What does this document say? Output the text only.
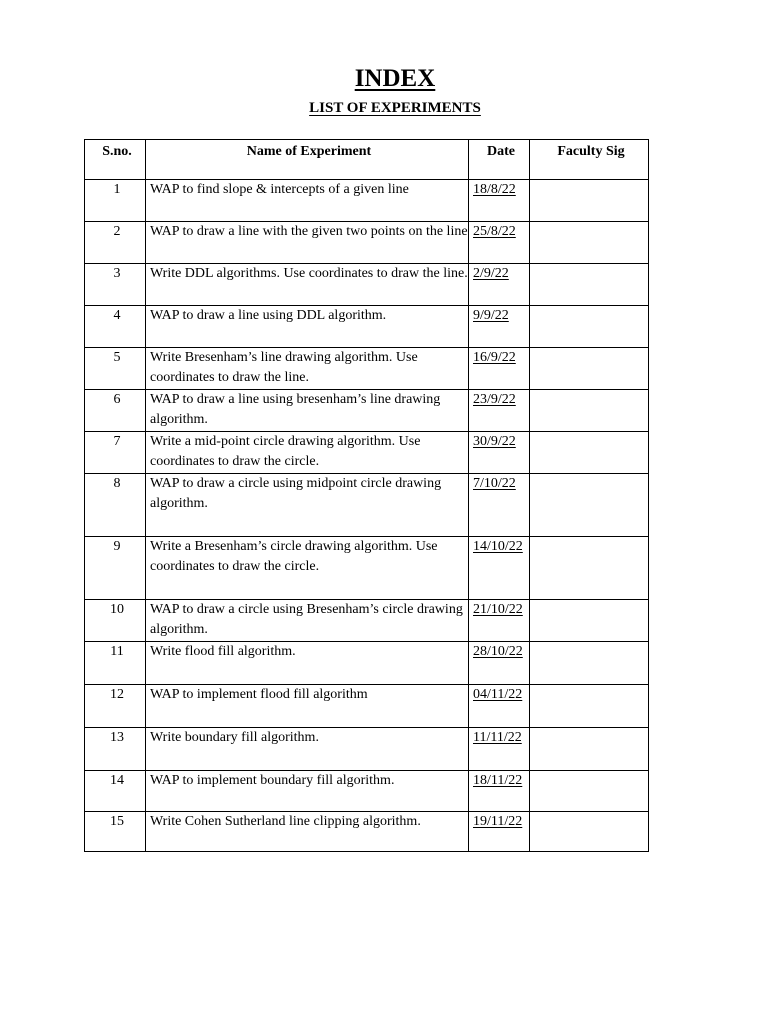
INDEX
LIST OF EXPERIMENTS
S.no.	Name of Experiment	Date	Faculty Sig
1	WAP to find slope & intercepts of a given line	18/8/22	
2	WAP to draw a line with the given two points on the line	25/8/22	
3	Write DDL algorithms. Use coordinates to draw the line.	2/9/22	
4	WAP to draw a line using DDL algorithm.	9/9/22	
5	Write Bresenham’s line drawing algorithm. Use coordinates to draw the line.	16/9/22	
6	WAP to draw a line using bresenham’s line drawing algorithm.	23/9/22	
7	Write a mid-point circle drawing algorithm. Use coordinates to draw the circle.	30/9/22	
8	WAP to draw a circle using midpoint circle drawing algorithm.	7/10/22	
9	Write a Bresenham’s circle drawing algorithm. Use coordinates to draw the circle.	14/10/22	
10	WAP to draw a circle using Bresenham’s circle drawing algorithm.	21/10/22	
11	Write flood fill algorithm.	28/10/22	
12	WAP to implement flood fill algorithm	04/11/22	
13	Write boundary fill algorithm.	11/11/22	
14	WAP to implement boundary fill algorithm.	18/11/22	
15	Write Cohen Sutherland line clipping algorithm.	19/11/22	
